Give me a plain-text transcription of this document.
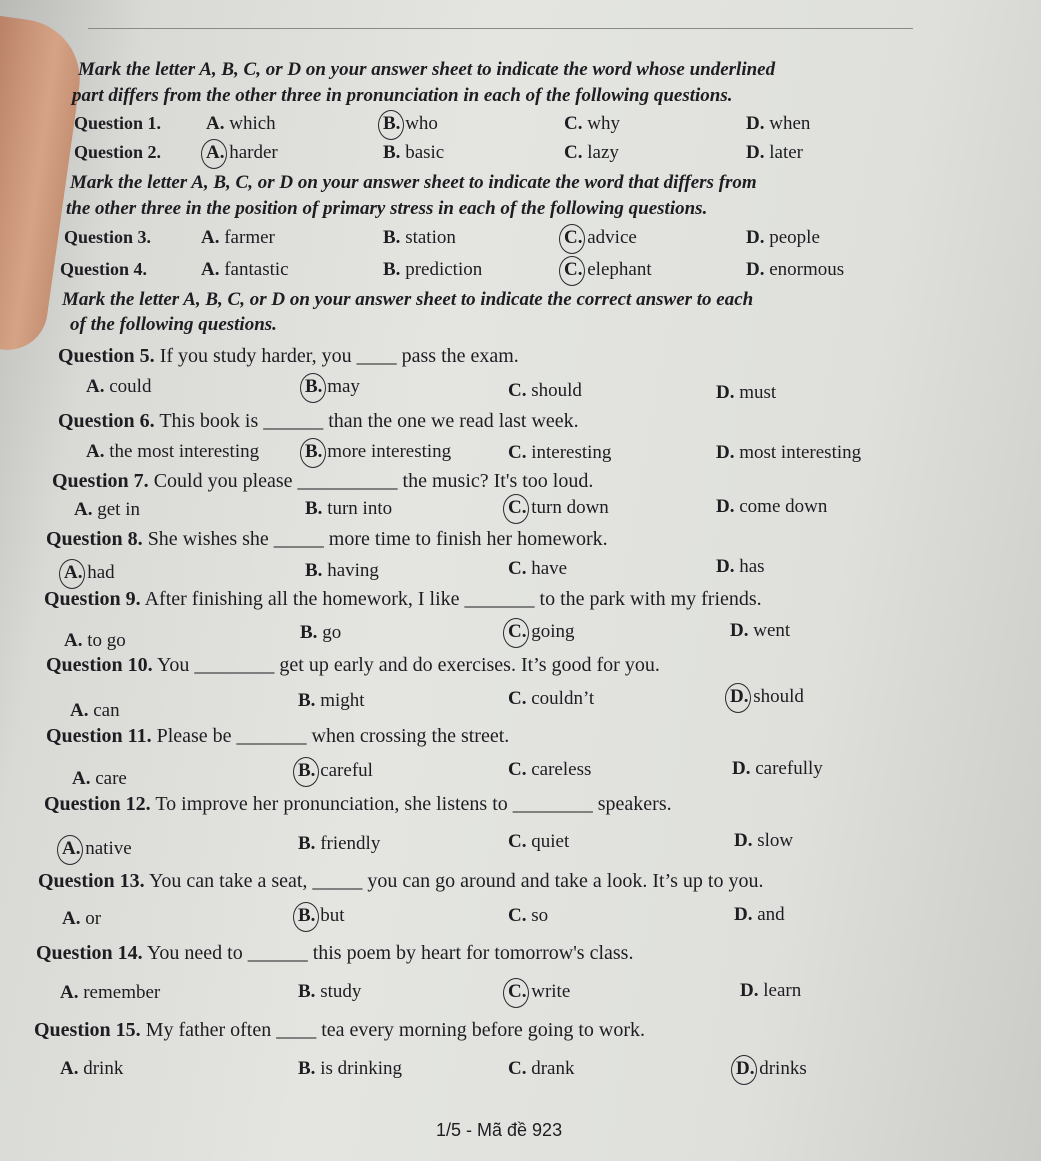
Mark the letter A, B, C, or D on your answer sheet to indicate the word whose underlined
part differs from the other three in pronunciation in each of the following questions.
Mark the letter A, B, C, or D on your answer sheet to indicate the word that differs from
the other three in the position of primary stress in each of the following questions.
Mark the letter A, B, C, or D on your answer sheet to indicate the correct answer to each
of the following questions.
Question 1. A. which	B. who	C. why	D. when
Question 2. A. harder	B. basic	C. lazy	D. later
Question 3.	A. farmer	B. station	C. advice	D. people
Question 4.	A. fantastic	B. prediction	C. elephant	D. enormous
Question 5. If you study harder, you ____ pass the exam.
A. could	B. may	C. should	D. must
Question 6. This book is ______ than the one we read last week.
A. the most interesting B. more interesting	C. interesting	D. most interesting
Question 7. Could you please __________ the music? It's too loud.
A. get in	B. turn into	C. turn down	D. come down
Question 8. She wishes she _____ more time to finish her homework.
A. had	B. having	C. have	D. has
Question 9. After finishing all the homework, I like _______ to the park with my friends.
A. to go	B. go	C. going	D. went
Question 10. You ________ get up early and do exercises. It’s good for you.
A. can	B. might	C. couldn’t	D. should
Question 11. Please be _______ when crossing the street.
A. care	B. careful	C. careless	D. carefully
Question 12. To improve her pronunciation, she listens to ________ speakers.
A. native	B. friendly	C. quiet	D. slow
Question 13. You can take a seat, _____ you can go around and take a look. It’s up to you.
A. or	B. but	C. so	D. and
Question 14. You need to ______ this poem by heart for tomorrow's class.
A. remember	B. study	C. write	D. learn
Question 15. My father often ____ tea every morning before going to work.
A. drink	B. is drinking	C. drank	D. drinks
1/5 - Mã đề 923
